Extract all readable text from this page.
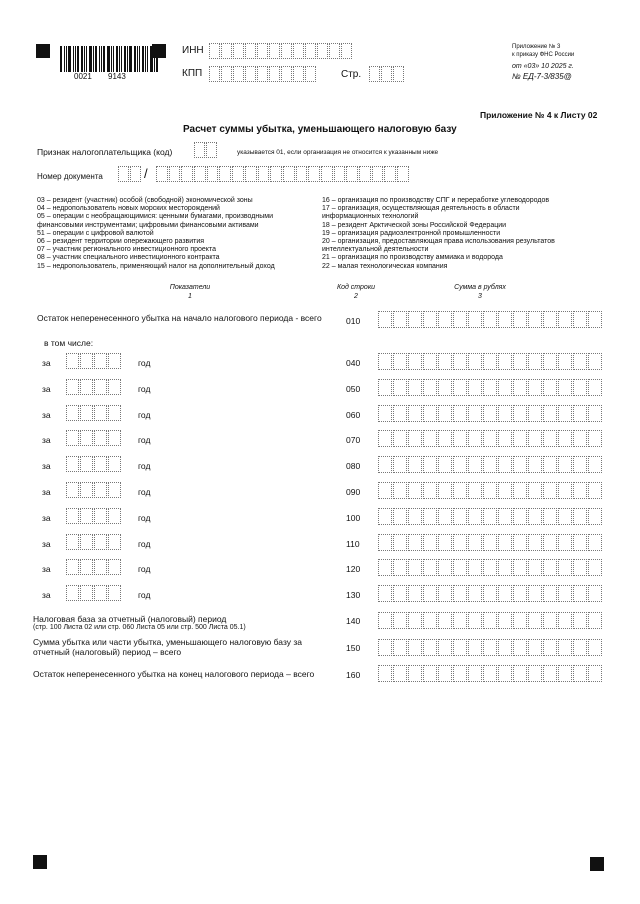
0021 9143
ИНН
КПП	Стр.
Приложение № 3
к приказу ФНС России
от «03» 10 2025 г.
№ ЕД-7-3/835@
Приложение № 4 к Листу 02
Расчет суммы убытка, уменьшающего налоговую базу
Признак налогоплательщика (код)	указывается 01, если организация не относится к указанным ниже
Номер документа	/
03 – резидент (участник) особой (свободной) экономической зоны
04 – недропользователь новых морских месторождений
05 – операции с необращающимися: ценными бумагами, производными
финансовыми инструментами; цифровыми финансовыми активами
51 – операции с цифровой валютой
06 – резидент территории опережающего развития
07 – участник регионального инвестиционного проекта
08 – участник специального инвестиционного контракта
15 – недропользователь, применяющий налог на дополнительный доход
16 – организация по производству СПГ и переработке углеводородов
17 – организация, осуществляющая деятельность в области
информационных технологий
18 – резидент Арктической зоны Российской Федерации
19 – организация радиоэлектронной промышленности
20 – организация, предоставляющая права использования результатов
интеллектуальной деятельности
21 – организация по производству аммиака и водорода
22 – малая технологическая компания
Показатели
1
Код строки
2
Сумма в рублях
3
Остаток неперенесенного убытка на начало налогового периода - всего	010
в том числе:
за	год	040
за	год	050
за	год	060
за	год	070
за	год	080
за	год	090
за	год	100
за	год	110
за	год	120
за	год	130
Налоговая база за отчетный (налоговый) период
(стр. 100 Листа 02 или стр. 060 Листа 05 или стр. 500 Листа 05.1)
140
Сумма убытка или части убытка, уменьшающего налоговую базу за отчетный (налоговый) период – всего	150
Остаток неперенесенного убытка на конец налогового периода – всего	160
